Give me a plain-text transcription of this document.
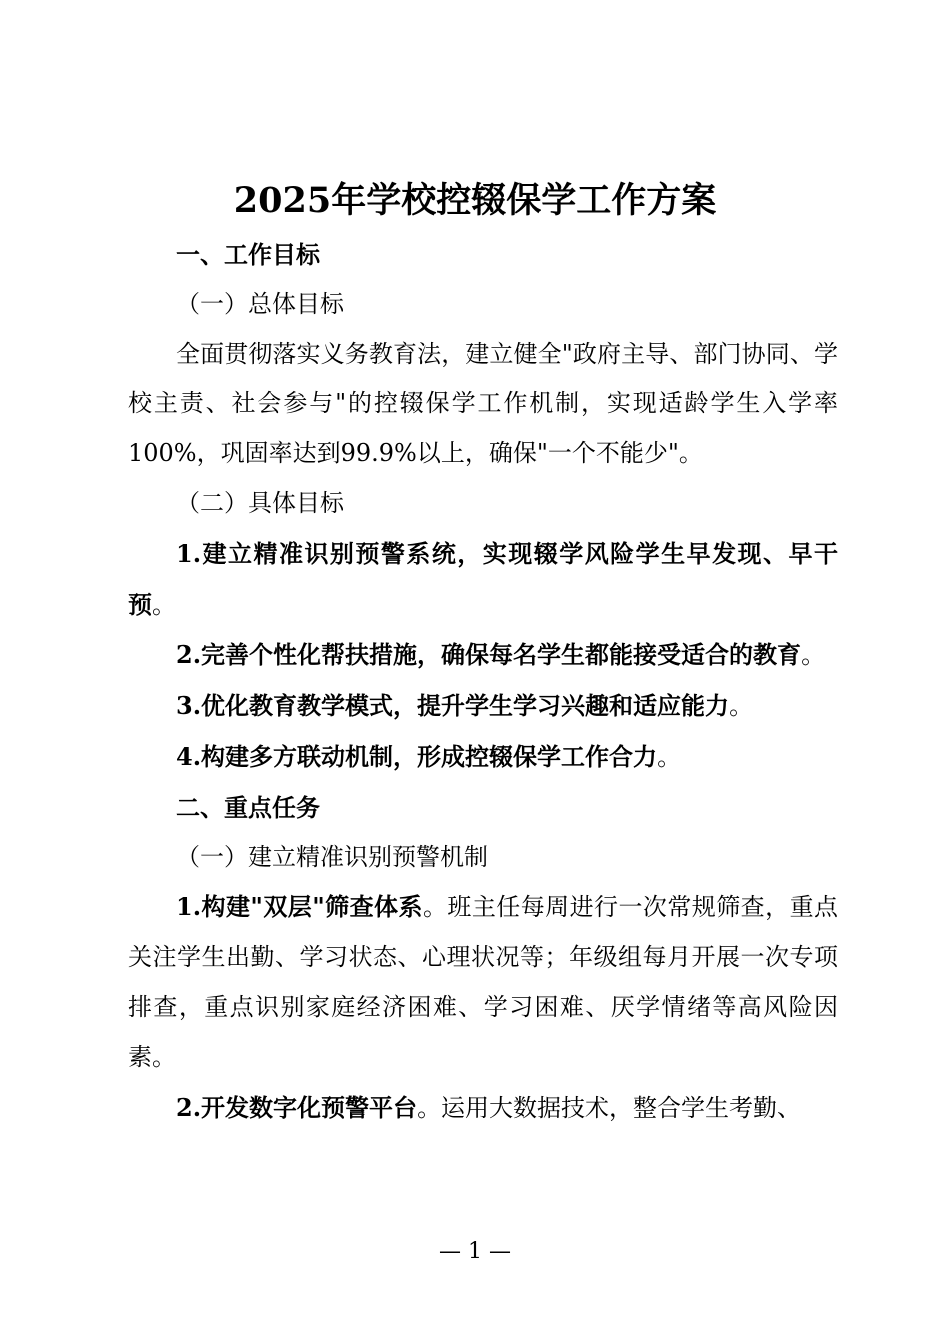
2025年学校控辍保学工作方案

一、工作目标

（一）总体目标

全面贯彻落实义务教育法，建立健全"政府主导、部门协同、学校主责、社会参与"的控辍保学工作机制，实现适龄学生入学率100%，巩固率达到99.9%以上，确保"一个不能少"。

（二）具体目标

1.建立精准识别预警系统，实现辍学风险学生早发现、早干预。

2.完善个性化帮扶措施，确保每名学生都能接受适合的教育。

3.优化教育教学模式，提升学生学习兴趣和适应能力。

4.构建多方联动机制，形成控辍保学工作合力。

二、重点任务

（一）建立精准识别预警机制

1.构建"双层"筛查体系。班主任每周进行一次常规筛查，重点关注学生出勤、学习状态、心理状况等；年级组每月开展一次专项排查，重点识别家庭经济困难、学习困难、厌学情绪等高风险因素。

2.开发数字化预警平台。运用大数据技术，整合学生考勤、

— 1 —
